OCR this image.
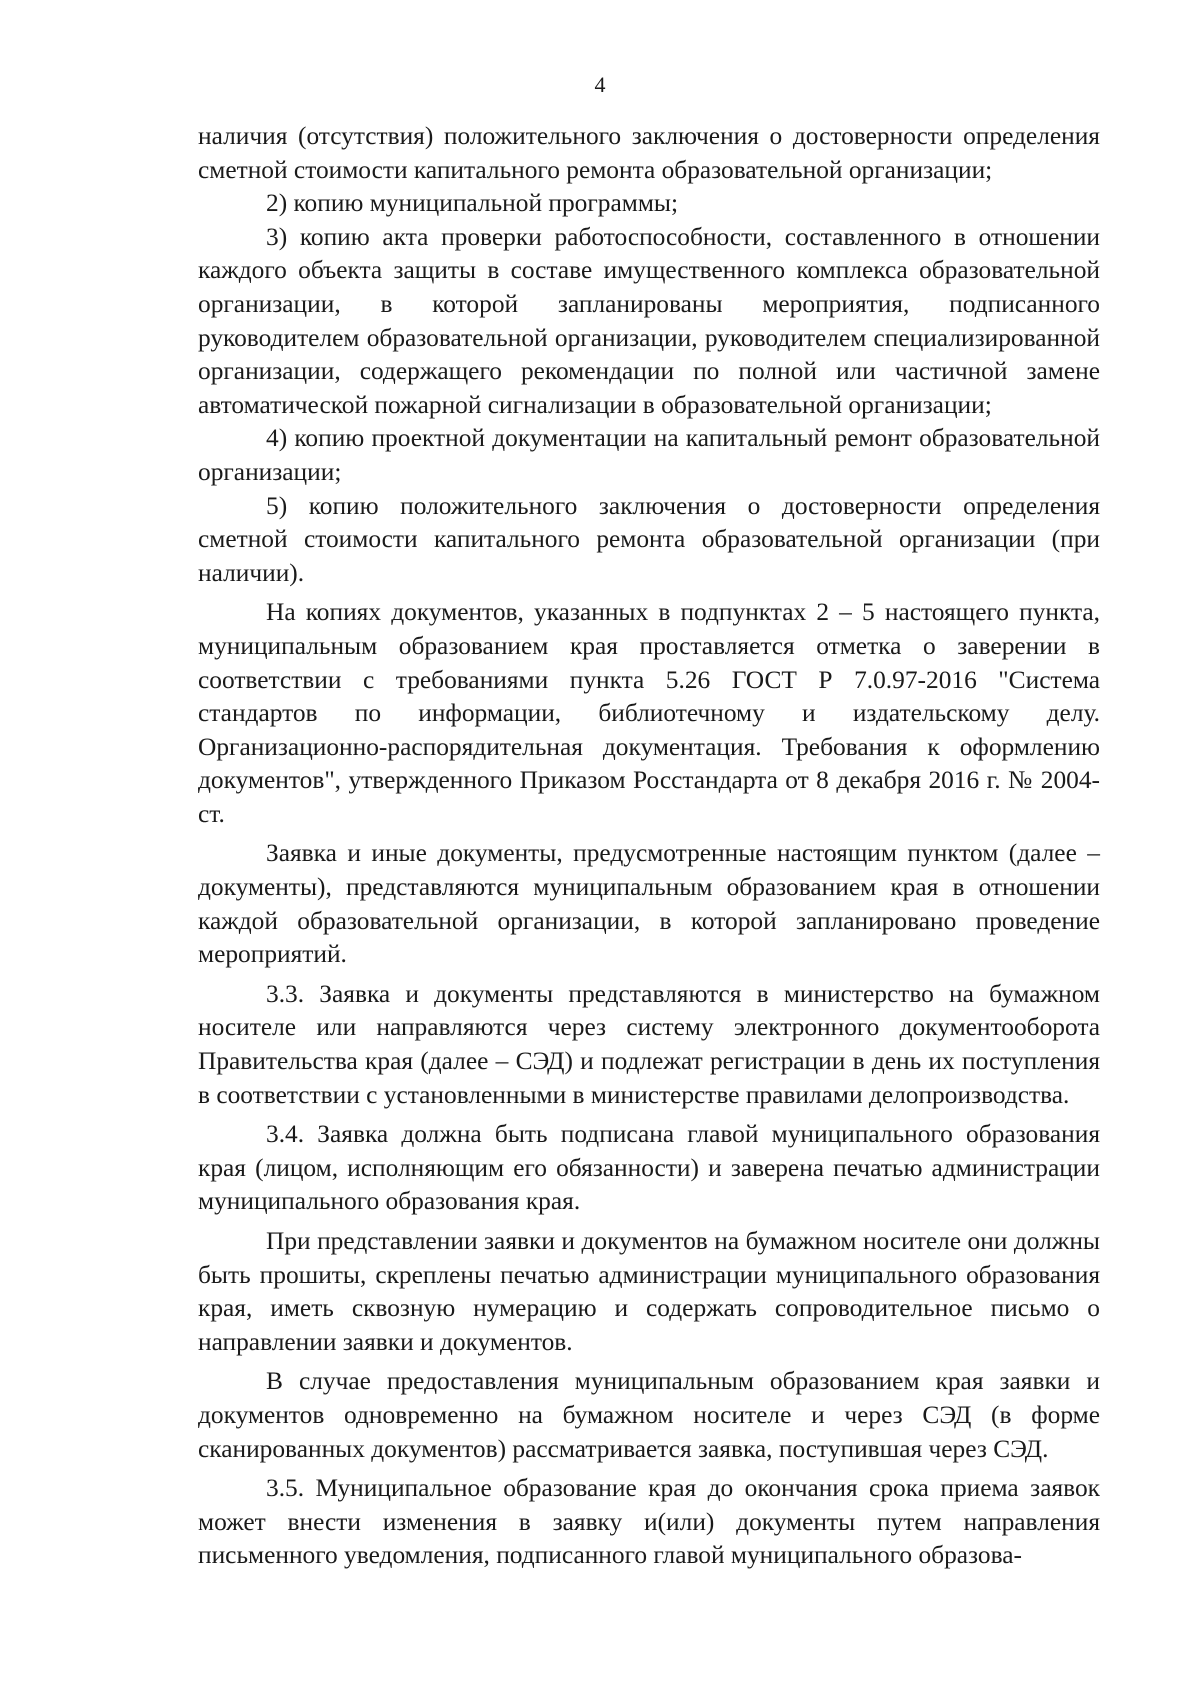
4

наличия (отсутствия) положительного заключения о достоверности определения сметной стоимости капитального ремонта образовательной организации;

2) копию муниципальной программы;

3) копию акта проверки работоспособности, составленного в отношении каждого объекта защиты в составе имущественного комплекса образовательной организации, в которой запланированы мероприятия, подписанного руководителем образовательной организации, руководителем специализированной организации, содержащего рекомендации по полной или частичной замене автоматической пожарной сигнализации в образовательной организации;

4) копию проектной документации на капитальный ремонт образовательной организации;

5) копию положительного заключения о достоверности определения сметной стоимости капитального ремонта образовательной организации (при наличии).

На копиях документов, указанных в подпунктах 2 – 5 настоящего пункта, муниципальным образованием края проставляется отметка о заверении в соответствии с требованиями пункта 5.26 ГОСТ Р 7.0.97-2016 "Система стандартов по информации, библиотечному и издательскому делу. Организационно-распорядительная документация. Требования к оформлению документов", утвержденного Приказом Росстандарта от 8 декабря 2016 г. № 2004-ст.

Заявка и иные документы, предусмотренные настоящим пунктом (далее – документы), представляются муниципальным образованием края в отношении каждой образовательной организации, в которой запланировано проведение мероприятий.

3.3. Заявка и документы представляются в министерство на бумажном носителе или направляются через систему электронного документооборота Правительства края (далее – СЭД) и подлежат регистрации в день их поступления в соответствии с установленными в министерстве правилами делопроизводства.

3.4. Заявка должна быть подписана главой муниципального образования края (лицом, исполняющим его обязанности) и заверена печатью администрации муниципального образования края.

При представлении заявки и документов на бумажном носителе они должны быть прошиты, скреплены печатью администрации муниципального образования края, иметь сквозную нумерацию и содержать сопроводительное письмо о направлении заявки и документов.

В случае предоставления муниципальным образованием края заявки и документов одновременно на бумажном носителе и через СЭД (в форме сканированных документов) рассматривается заявка, поступившая через СЭД.

3.5. Муниципальное образование края до окончания срока приема заявок может внести изменения в заявку и(или) документы путем направления письменного уведомления, подписанного главой муниципального образова-
